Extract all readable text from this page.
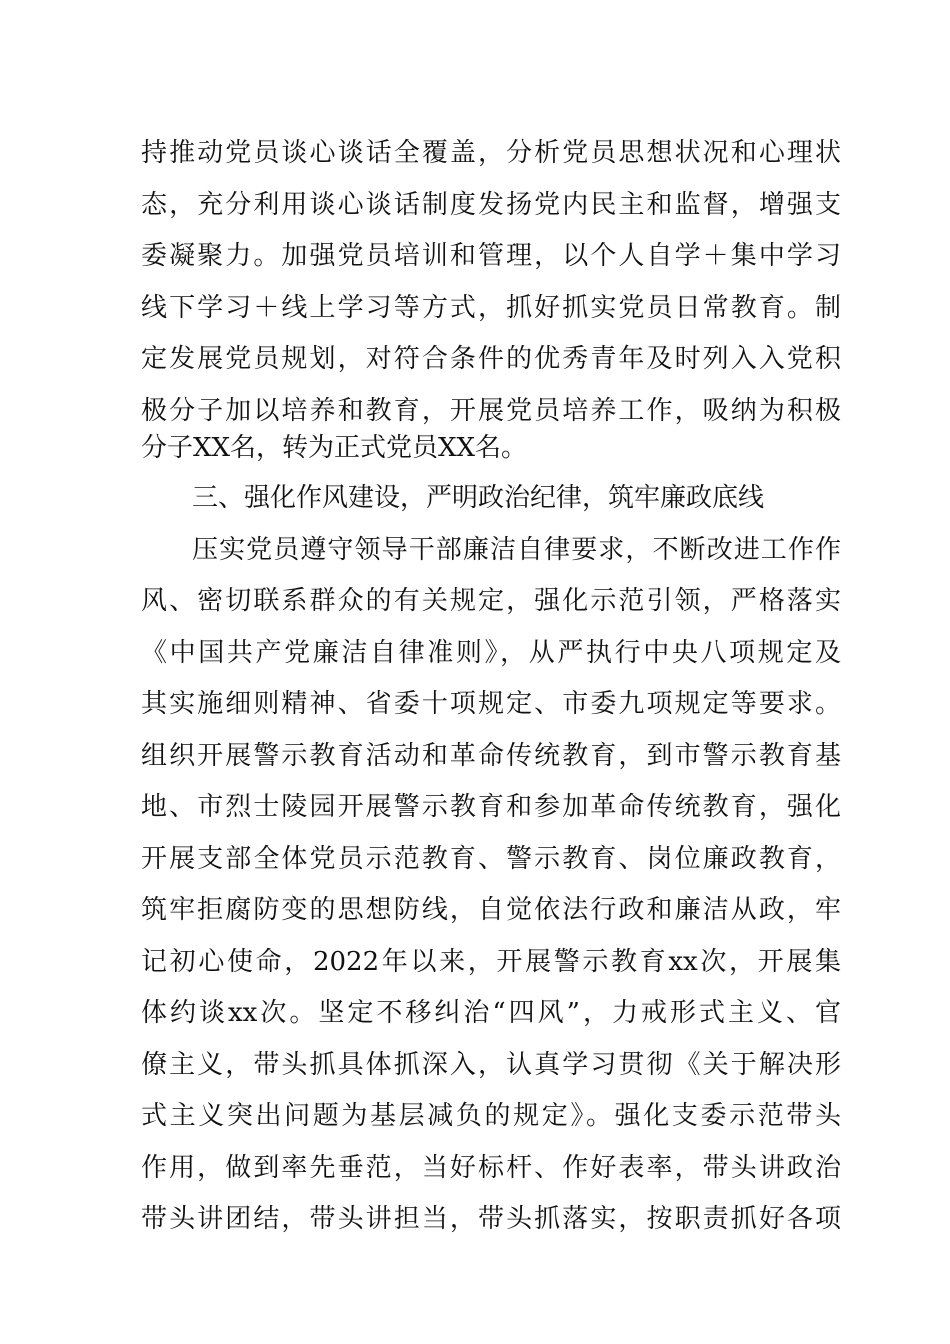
持推动党员谈心谈话全覆盖，分析党员思想状况和心理状
态，充分利用谈心谈话制度发扬党内民主和监督，增强支
委凝聚力。加强党员培训和管理，以个人自学＋集中学习
线下学习＋线上学习等方式，抓好抓实党员日常教育。制
定发展党员规划，对符合条件的优秀青年及时列入入党积
极分子加以培养和教育，开展党员培养工作，吸纳为积极
分子XX名，转为正式党员XX名。
三、强化作风建设，严明政治纪律，筑牢廉政底线
压实党员遵守领导干部廉洁自律要求，不断改进工作作
风、密切联系群众的有关规定，强化示范引领，严格落实
《中国共产党廉洁自律准则》，从严执行中央八项规定及
其实施细则精神、省委十项规定、市委九项规定等要求。
组织开展警示教育活动和革命传统教育，到市警示教育基
地、市烈士陵园开展警示教育和参加革命传统教育，强化
开展支部全体党员示范教育、警示教育、岗位廉政教育，
筑牢拒腐防变的思想防线，自觉依法行政和廉洁从政，牢
记初心使命，2022年以来，开展警示教育xx次，开展集
体约谈xx次。坚定不移纠治“四风”，力戒形式主义、官
僚主义，带头抓具体抓深入，认真学习贯彻《关于解决形
式主义突出问题为基层减负的规定》。强化支委示范带头
作用，做到率先垂范，当好标杆、作好表率，带头讲政治
带头讲团结，带头讲担当，带头抓落实，按职责抓好各项
